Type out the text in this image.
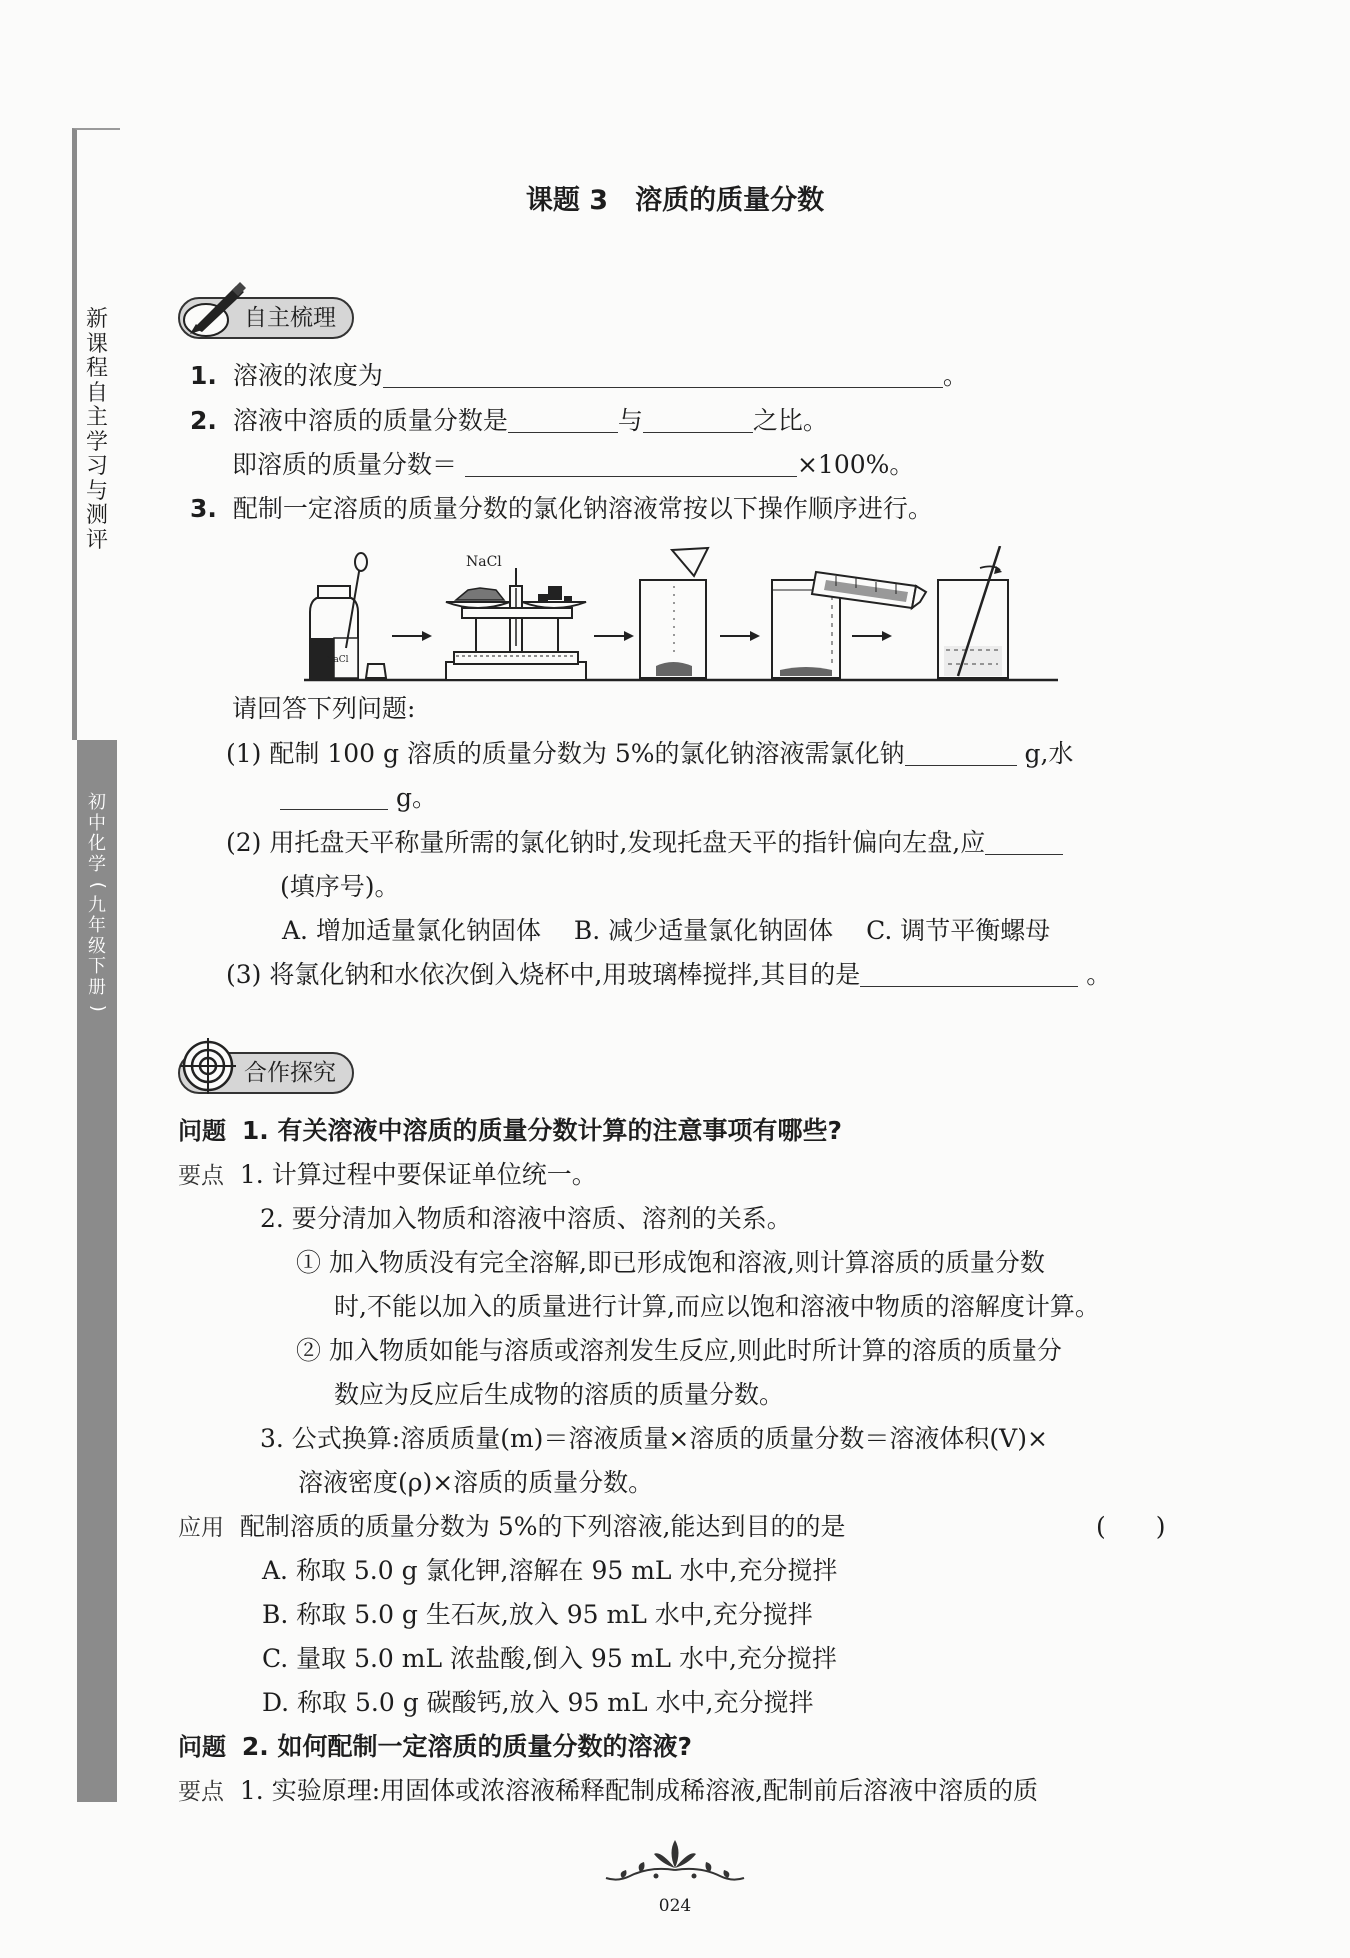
新
课
程
自
主
学
习
与
测
评
初
中
化
学
(
九
年
级
下
册
)
课题 3　溶质的质量分数
自主梳理
1. 溶液的浓度为	。
2. 溶液中溶质的质量分数是	与	之比。
即溶质的质量分数＝	×100%。
3. 配制一定溶质的质量分数的氯化钠溶液常按以下操作顺序进行。
NaCl
NaCl
请回答下列问题:
(1) 配制 100 g 溶质的质量分数为 5%的氯化钠溶液需氯化钠	g,水
g。
(2) 用托盘天平称量所需的氯化钠时,发现托盘天平的指针偏向左盘,应
(填序号)。
A. 增加适量氯化钠固体　 B. 减少适量氯化钠固体　 C. 调节平衡螺母
(3) 将氯化钠和水依次倒入烧杯中,用玻璃棒搅拌,其目的是	。
合作探究
问题 1. 有关溶液中溶质的质量分数计算的注意事项有哪些?
要点 1. 计算过程中要保证单位统一。
2. 要分清加入物质和溶液中溶质、溶剂的关系。
① 加入物质没有完全溶解,即已形成饱和溶液,则计算溶质的质量分数
时,不能以加入的质量进行计算,而应以饱和溶液中物质的溶解度计算。
② 加入物质如能与溶质或溶剂发生反应,则此时所计算的溶质的质量分
数应为反应后生成物的溶质的质量分数。
3. 公式换算:溶质质量(m)＝溶液质量×溶质的质量分数＝溶液体积(V)×
溶液密度(ρ)×溶质的质量分数。
应用 配制溶质的质量分数为 5%的下列溶液,能达到目的的是	(　　)
A. 称取 5.0 g 氯化钾,溶解在 95 mL 水中,充分搅拌
B. 称取 5.0 g 生石灰,放入 95 mL 水中,充分搅拌
C. 量取 5.0 mL 浓盐酸,倒入 95 mL 水中,充分搅拌
D. 称取 5.0 g 碳酸钙,放入 95 mL 水中,充分搅拌
问题 2. 如何配制一定溶质的质量分数的溶液?
要点 1. 实验原理:用固体或浓溶液稀释配制成稀溶液,配制前后溶液中溶质的质
024
